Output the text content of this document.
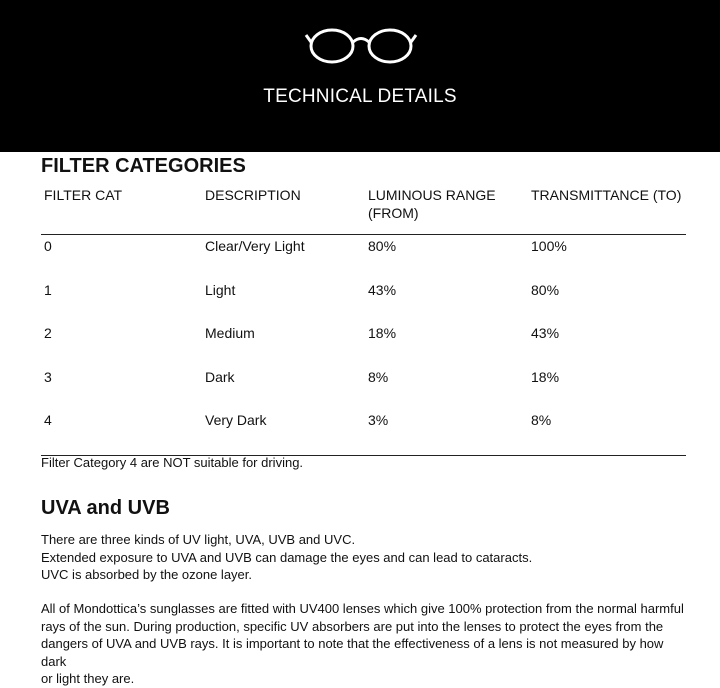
TECHNICAL DETAILS
FILTER CATEGORIES
FILTER CAT	DESCRIPTION	LUMINOUS RANGE (FROM)	TRANSMITTANCE (TO)
0	Clear/Very Light	80%	100%
1	Light	43%	80%
2	Medium	18%	43%
3	Dark	8%	18%
4	Very Dark	3%	8%
Filter Category 4 are NOT suitable for driving.
UVA and UVB
There are three kinds of UV light, UVA, UVB and UVC.
Extended exposure to UVA and UVB can damage the eyes and can lead to cataracts.
UVC is absorbed by the ozone layer.
All of Mondottica’s sunglasses are fitted with UV400 lenses which give 100% protection from the normal harmful
rays of the sun. During production, specific UV absorbers are put into the lenses to protect the eyes from the
dangers of UVA and UVB rays. It is important to note that the effectiveness of a lens is not measured by how dark
or light they are.
